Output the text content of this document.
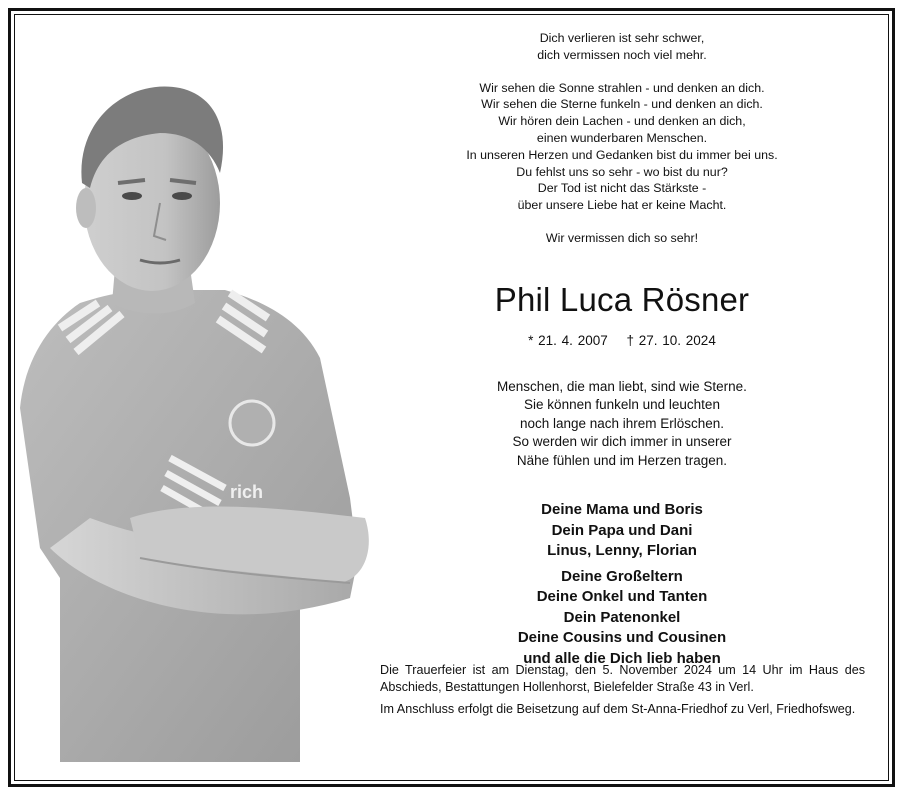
rich

Dich verlieren ist sehr schwer,

dich vermissen noch viel mehr.

Wir sehen die Sonne strahlen - und denken an dich.

Wir sehen die Sterne funkeln - und denken an dich.

Wir hören dein Lachen - und denken an dich,

einen wunderbaren Menschen.

In unseren Herzen und Gedanken bist du immer bei uns.

Du fehlst uns so sehr - wo bist du nur?

Der Tod ist nicht das Stärkste -

über unsere Liebe hat er keine Macht.

Wir vermissen dich so sehr!

Phil Luca Rösner
* 21. 4. 2007 † 27. 10. 2024

Menschen, die man liebt, sind wie Sterne.

Sie können funkeln und leuchten

noch lange nach ihrem Erlöschen.

So werden wir dich immer in unserer

Nähe fühlen und im Herzen tragen.

Deine Mama und Boris

Dein Papa und Dani

Linus, Lenny, Florian

Deine Großeltern

Deine Onkel und Tanten

Dein Patenonkel

Deine Cousins und Cousinen

und alle die Dich lieb haben

Die Trauerfeier ist am Dienstag, den 5. November 2024 um 14 Uhr im Haus des Abschieds, Bestattungen Hollenhorst, Bielefelder Straße 43 in Verl.

Im Anschluss erfolgt die Beisetzung auf dem St-Anna-Friedhof zu Verl, Friedhofsweg.
